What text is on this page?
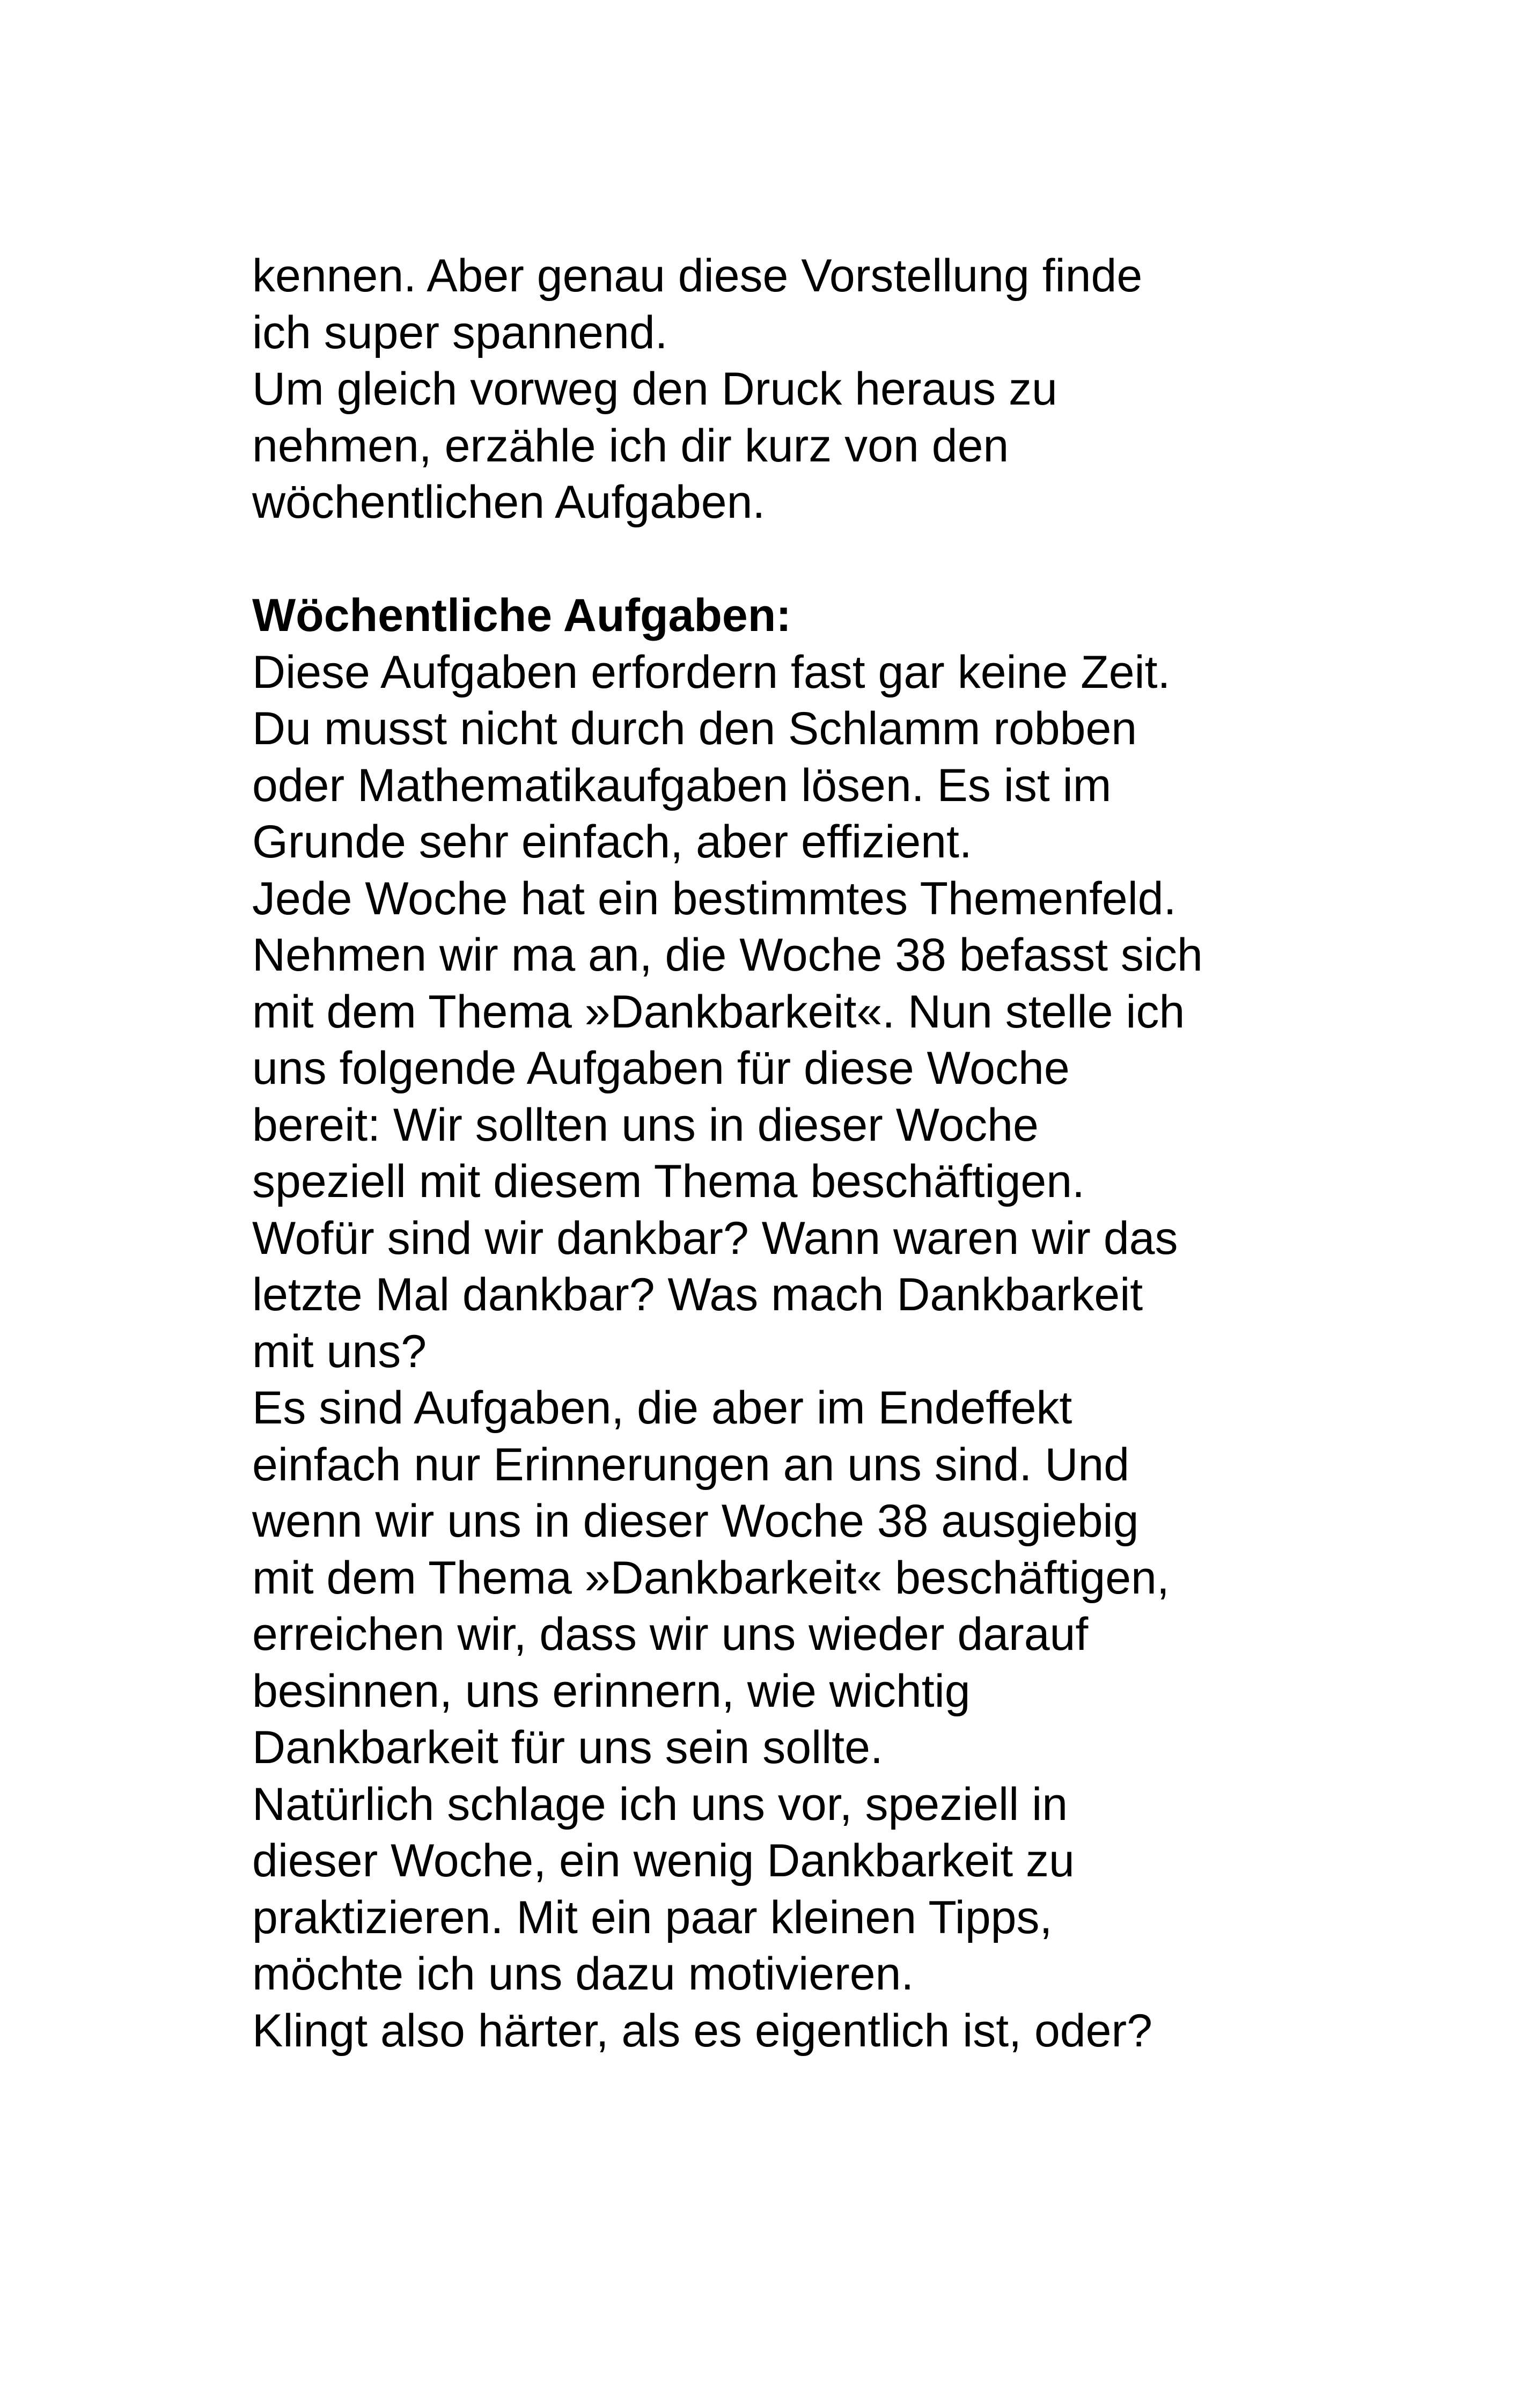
kennen. Aber genau diese Vorstellung finde
ich super spannend.
Um gleich vorweg den Druck heraus zu
nehmen, erzähle ich dir kurz von den
wöchentlichen Aufgaben.
Wöchentliche Aufgaben:
Diese Aufgaben erfordern fast gar keine Zeit.
Du musst nicht durch den Schlamm robben
oder Mathematikaufgaben lösen. Es ist im
Grunde sehr einfach, aber effizient.
Jede Woche hat ein bestimmtes Themenfeld.
Nehmen wir ma an, die Woche 38 befasst sich
mit dem Thema »Dankbarkeit«. Nun stelle ich
uns folgende Aufgaben für diese Woche
bereit: Wir sollten uns in dieser Woche
speziell mit diesem Thema beschäftigen.
Wofür sind wir dankbar? Wann waren wir das
letzte Mal dankbar? Was mach Dankbarkeit
mit uns?
Es sind Aufgaben, die aber im Endeffekt
einfach nur Erinnerungen an uns sind. Und
wenn wir uns in dieser Woche 38 ausgiebig
mit dem Thema »Dankbarkeit« beschäftigen,
erreichen wir, dass wir uns wieder darauf
besinnen, uns erinnern, wie wichtig
Dankbarkeit für uns sein sollte.
Natürlich schlage ich uns vor, speziell in
dieser Woche, ein wenig Dankbarkeit zu
praktizieren. Mit ein paar kleinen Tipps,
möchte ich uns dazu motivieren.
Klingt also härter, als es eigentlich ist, oder?
